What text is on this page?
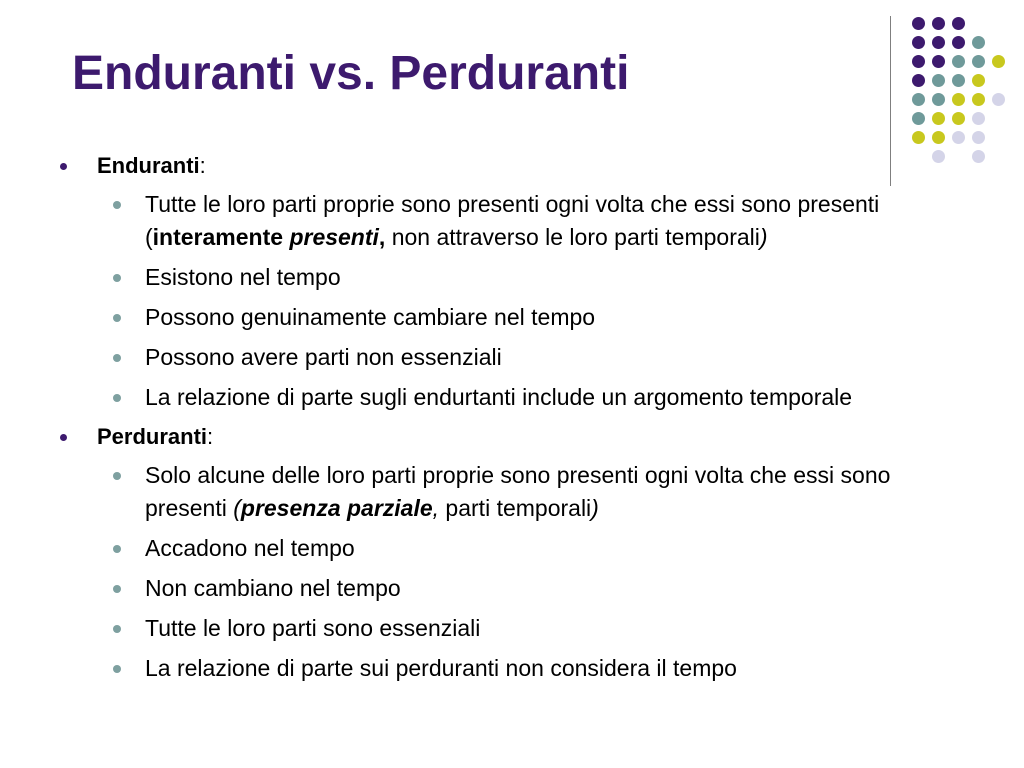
Enduranti vs. Perduranti
Enduranti:
Tutte le loro parti proprie sono presenti ogni volta che essi sono presenti (interamente presenti, non attraverso le loro parti temporali)
Esistono nel tempo
Possono genuinamente cambiare nel tempo
Possono avere parti non essenziali
La relazione di parte sugli endurtanti include un argomento temporale
Perduranti:
Solo alcune delle loro parti proprie sono presenti ogni volta che essi sono presenti (presenza parziale, parti temporali)
Accadono nel tempo
Non cambiano nel tempo
Tutte le loro parti sono essenziali
La relazione di parte sui perduranti non considera il tempo
